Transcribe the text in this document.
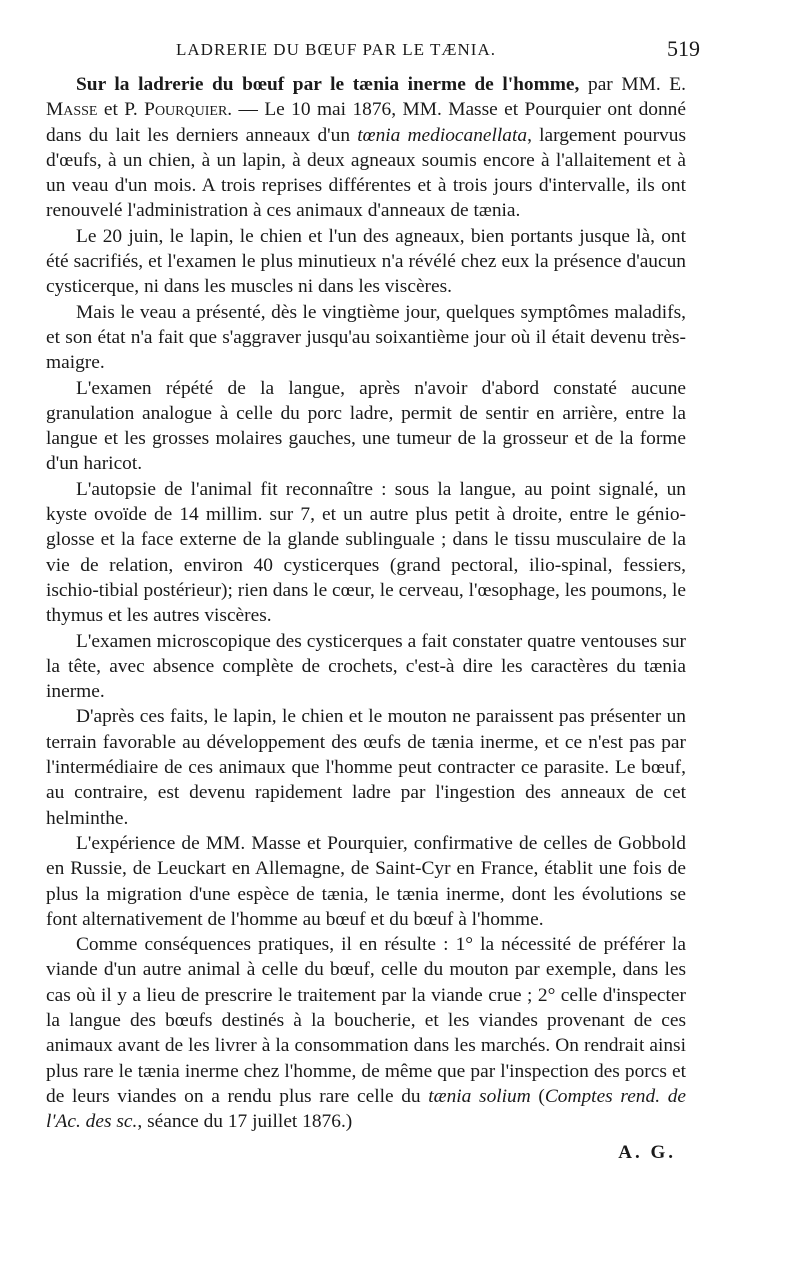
LADRERIE DU BŒUF PAR LE TÆNIA.	519

Sur la ladrerie du bœuf par le tænia inerme de l'homme, par MM. E. Masse et P. Pourquier. — Le 10 mai 1876, MM. Masse et Pourquier ont donné dans du lait les derniers anneaux d'un tœnia mediocanellata, largement pourvus d'œufs, à un chien, à un lapin, à deux agneaux soumis encore à l'allaitement et à un veau d'un mois. A trois reprises différentes et à trois jours d'intervalle, ils ont renouvelé l'administration à ces animaux d'anneaux de tænia.

Le 20 juin, le lapin, le chien et l'un des agneaux, bien portants jusque là, ont été sacrifiés, et l'examen le plus minutieux n'a révélé chez eux la présence d'aucun cysticerque, ni dans les muscles ni dans les viscères.

Mais le veau a présenté, dès le vingtième jour, quelques symptômes maladifs, et son état n'a fait que s'aggraver jusqu'au soixantième jour où il était devenu très-maigre.

L'examen répété de la langue, après n'avoir d'abord constaté aucune granulation analogue à celle du porc ladre, permit de sentir en arrière, entre la langue et les grosses molaires gauches, une tumeur de la grosseur et de la forme d'un haricot.

L'autopsie de l'animal fit reconnaître : sous la langue, au point signalé, un kyste ovoïde de 14 millim. sur 7, et un autre plus petit à droite, entre le génio-glosse et la face externe de la glande sublinguale ; dans le tissu musculaire de la vie de relation, environ 40 cysticerques (grand pectoral, ilio-spinal, fessiers, ischio-tibial postérieur); rien dans le cœur, le cerveau, l'œsophage, les poumons, le thymus et les autres viscères.

L'examen microscopique des cysticerques a fait constater quatre ventouses sur la tête, avec absence complète de crochets, c'est-à dire les caractères du tænia inerme.

D'après ces faits, le lapin, le chien et le mouton ne paraissent pas présenter un terrain favorable au développement des œufs de tænia inerme, et ce n'est pas par l'intermédiaire de ces animaux que l'homme peut contracter ce parasite. Le bœuf, au contraire, est devenu rapidement ladre par l'ingestion des anneaux de cet helminthe.

L'expérience de MM. Masse et Pourquier, confirmative de celles de Gobbold en Russie, de Leuckart en Allemagne, de Saint-Cyr en France, établit une fois de plus la migration d'une espèce de tænia, le tænia inerme, dont les évolutions se font alternativement de l'homme au bœuf et du bœuf à l'homme.

Comme conséquences pratiques, il en résulte : 1° la nécessité de préférer la viande d'un autre animal à celle du bœuf, celle du mouton par exemple, dans les cas où il y a lieu de prescrire le traitement par la viande crue ; 2° celle d'inspecter la langue des bœufs destinés à la boucherie, et les viandes provenant de ces animaux avant de les livrer à la consommation dans les marchés. On rendrait ainsi plus rare le tænia inerme chez l'homme, de même que par l'inspection des porcs et de leurs viandes on a rendu plus rare celle du tænia solium (Comptes rend. de l'Ac. des sc., séance du 17 juillet 1876.)

A. G.
